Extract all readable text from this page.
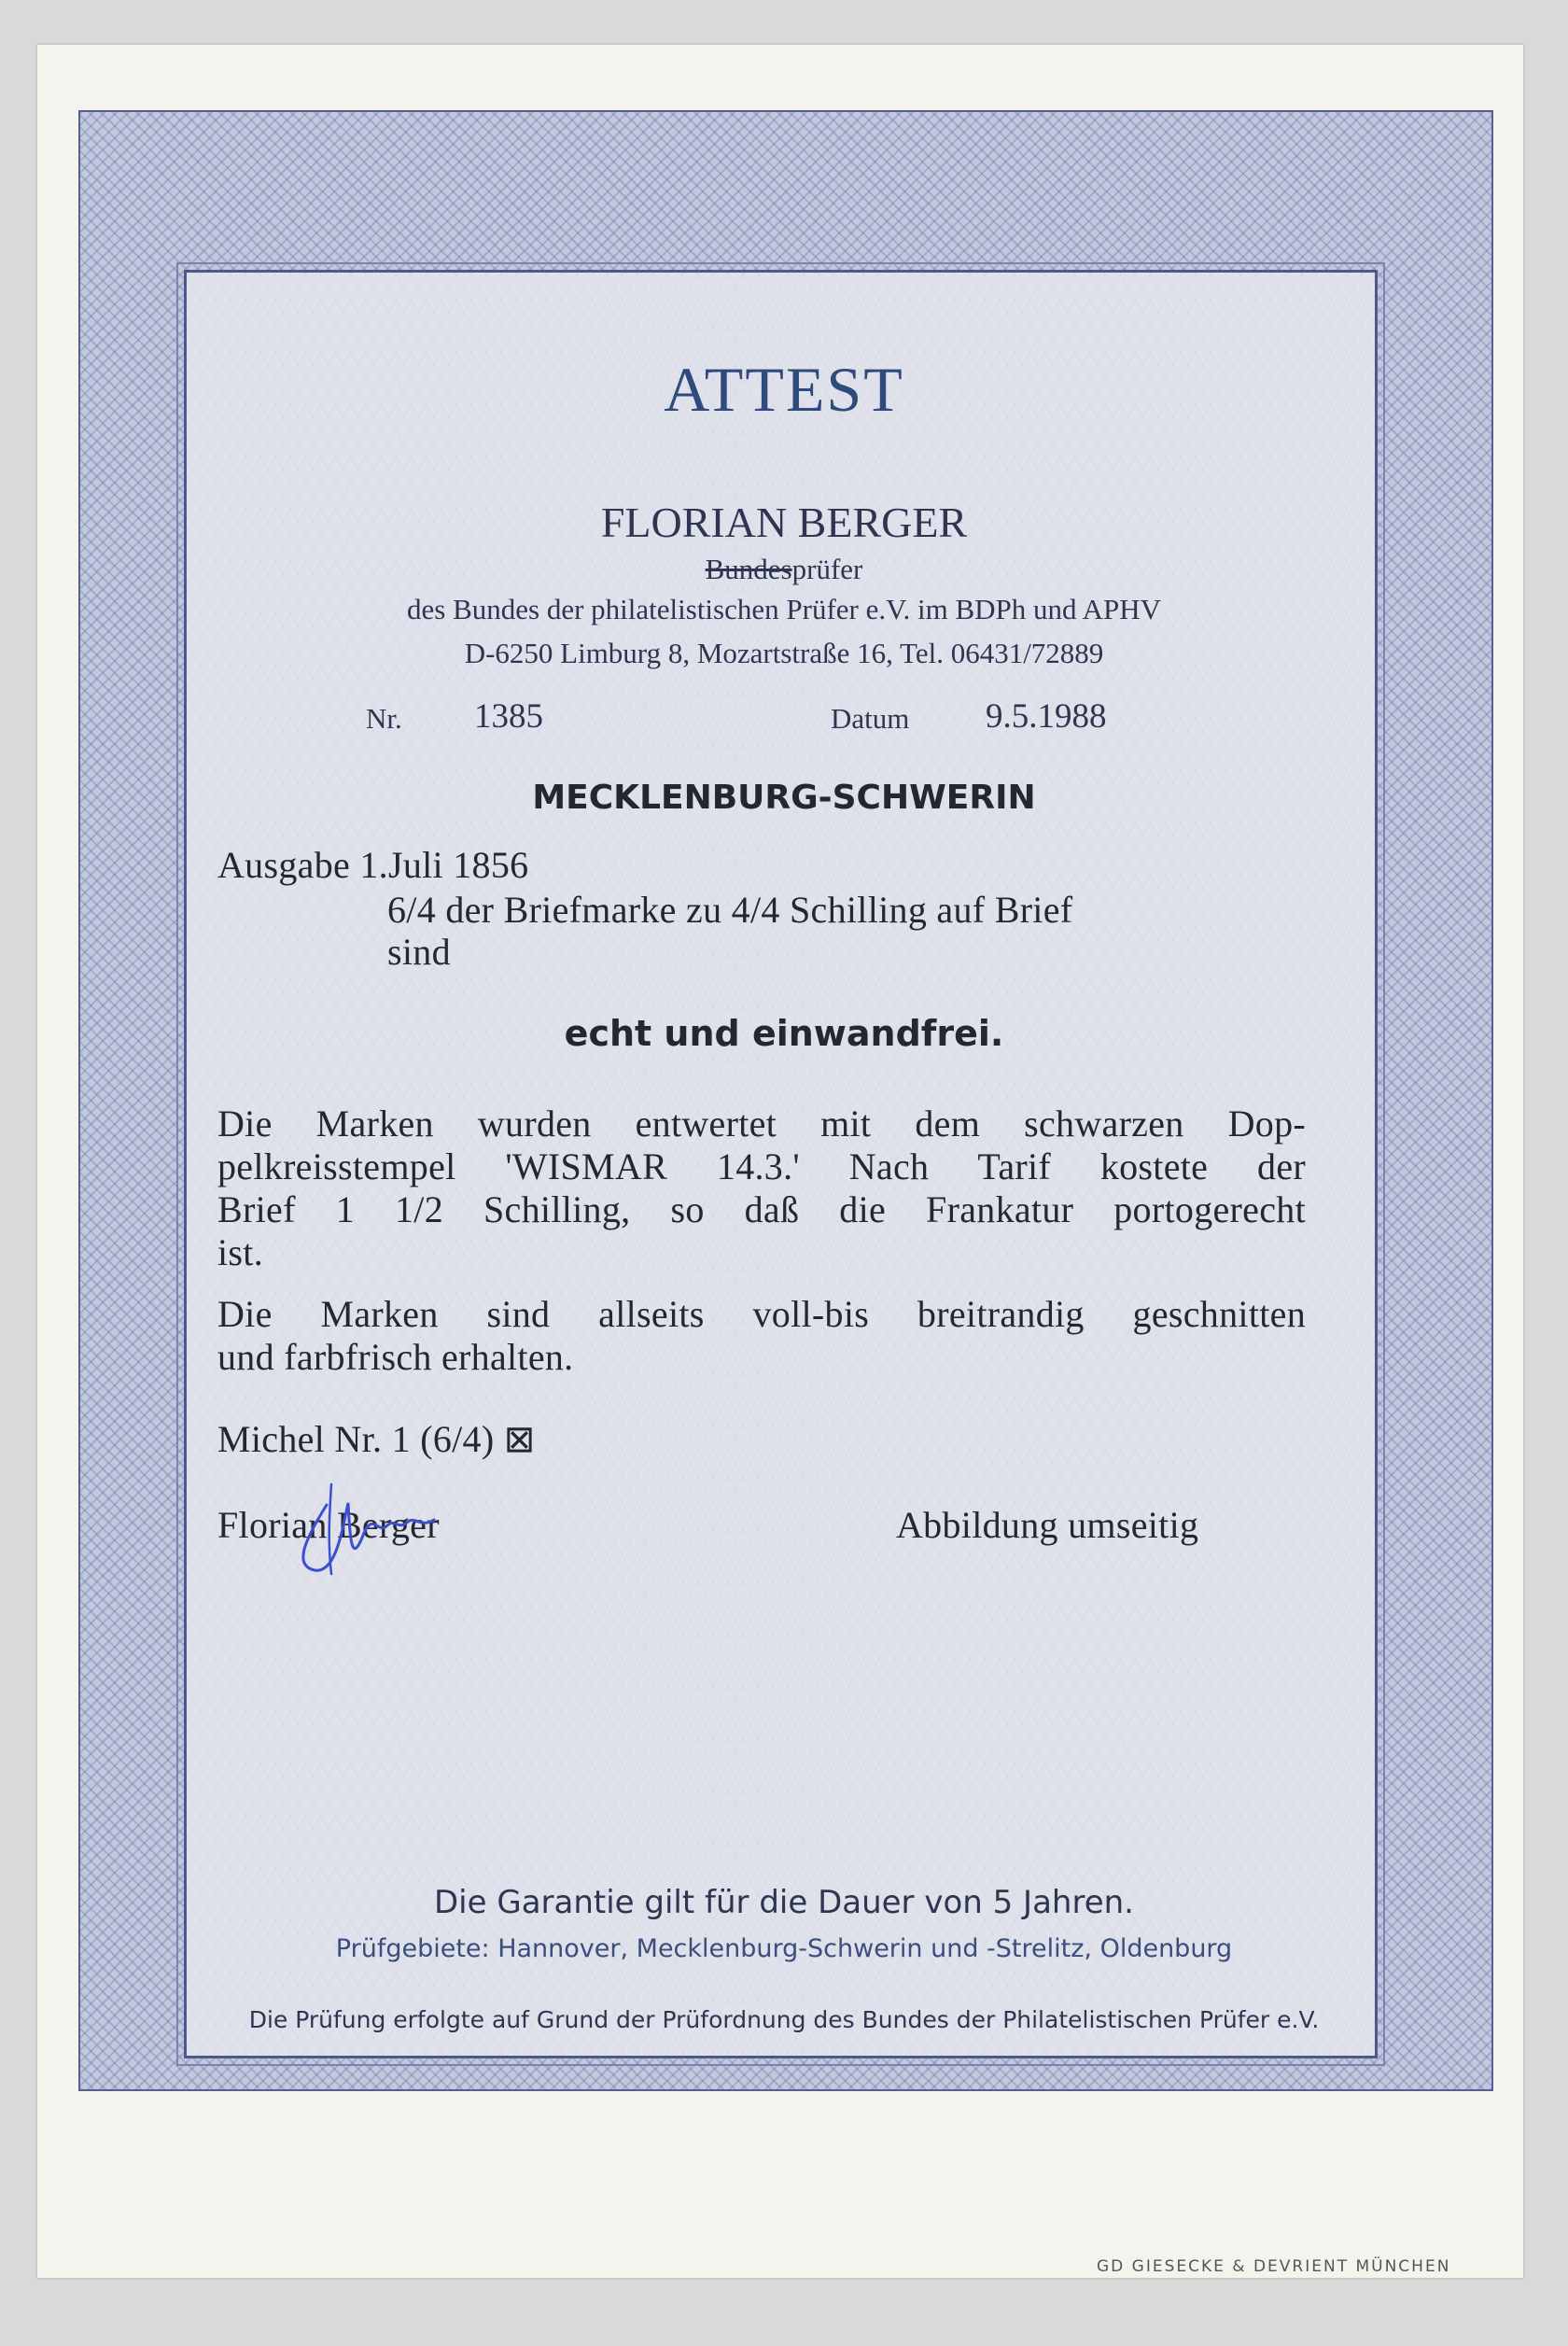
ATTEST
FLORIAN BERGER
Bundesprüfer
des Bundes der philatelistischen Prüfer e.V. im BDPh und APHV
D-6250 Limburg 8, Mozartstraße 16, Tel. 06431/72889
Nr. 1385	Datum 9.5.1988
MECKLENBURG-SCHWERIN
Ausgabe 1.Juli 1856
6/4 der Briefmarke zu 4/4 Schilling auf Brief
sind
echt und einwandfrei.
Die Marken wurden entwertet mit dem schwarzen Dop-
pelkreisstempel 'WISMAR 14.3.' Nach Tarif kostete der
Brief 1 1/2 Schilling, so daß die Frankatur portogerecht
ist.
Die Marken sind allseits voll-bis breitrandig geschnitten
und farbfrisch erhalten.
Michel Nr. 1 (6/4) ⊠
Florian Berger	Abbildung umseitig
Die Garantie gilt für die Dauer von 5 Jahren.
Prüfgebiete: Hannover, Mecklenburg-Schwerin und -Strelitz, Oldenburg
Die Prüfung erfolgte auf Grund der Prüfordnung des Bundes der Philatelistischen Prüfer e.V.
GD GIESECKE & DEVRIENT MÜNCHEN
